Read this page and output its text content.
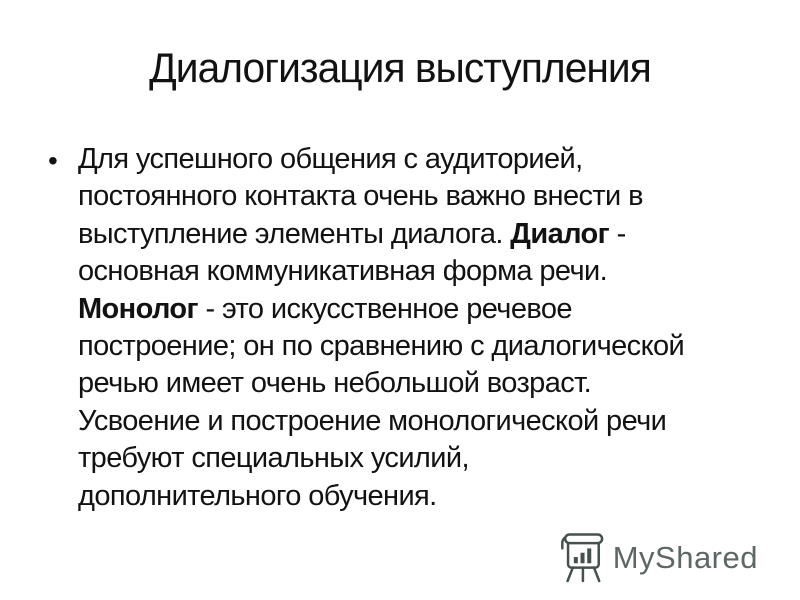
Диалогизация выступления
• Для успешного общения с аудиторией,
постоянного контакта очень важно внести в
выступление элементы диалога. Диалог -
основная коммуникативная форма речи.
Монолог - это искусственное речевое
построение; он по сравнению с диалогической
речью имеет очень небольшой возраст.
Усвоение и построение монологической речи
требуют специальных усилий,
дополнительного обучения.
MyShared
